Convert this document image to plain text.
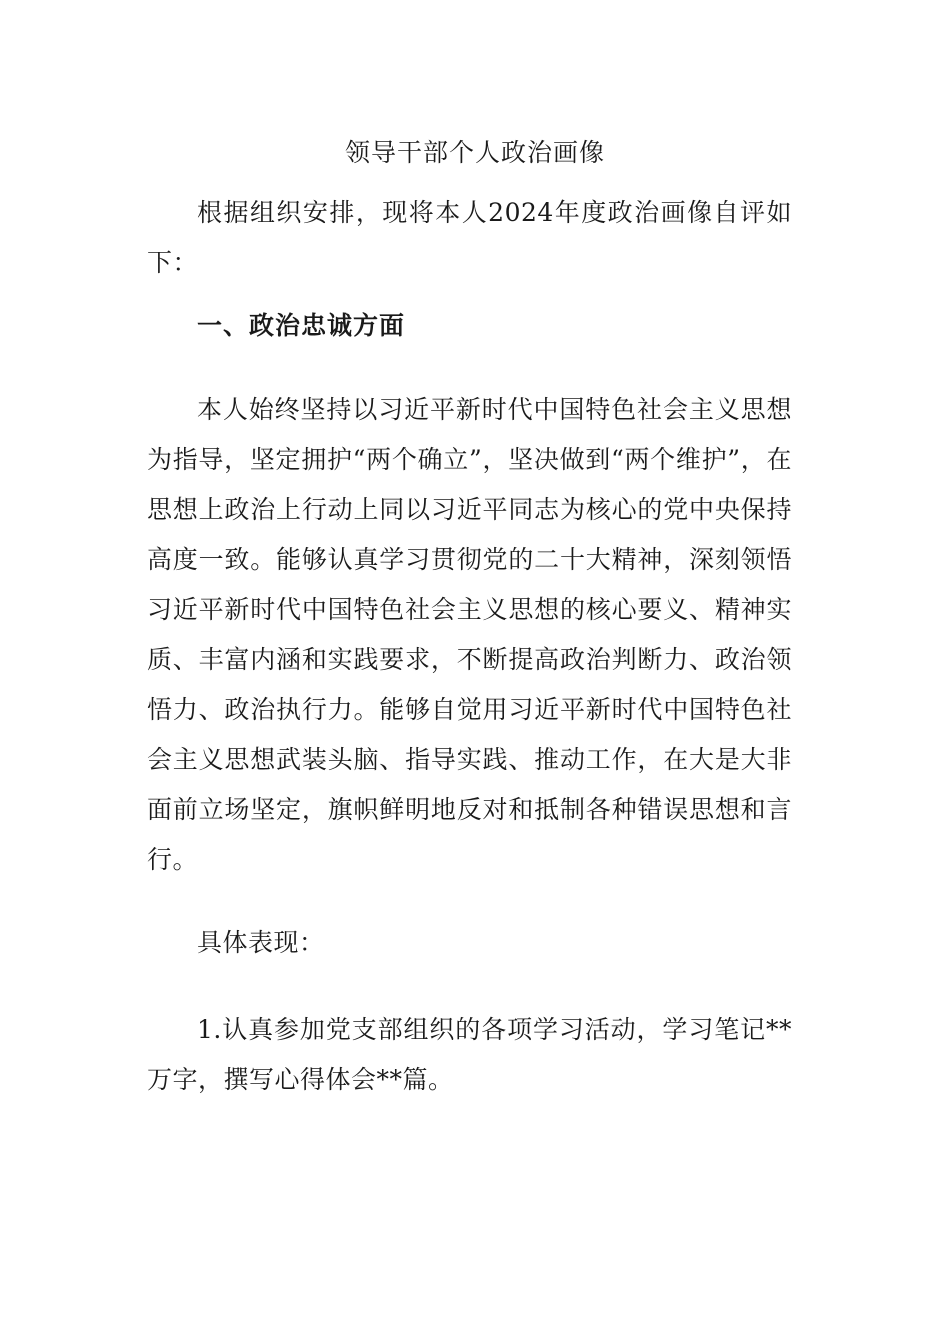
领导干部个人政治画像
根据组织安排，现将本人2024年度政治画像自评如下：
一、政治忠诚方面
本人始终坚持以习近平新时代中国特色社会主义思想为指导，坚定拥护“两个确立”，坚决做到“两个维护”，在思想上政治上行动上同以习近平同志为核心的党中央保持高度一致。能够认真学习贯彻党的二十大精神，深刻领悟习近平新时代中国特色社会主义思想的核心要义、精神实质、丰富内涵和实践要求，不断提高政治判断力、政治领悟力、政治执行力。能够自觉用习近平新时代中国特色社会主义思想武装头脑、指导实践、推动工作，在大是大非面前立场坚定，旗帜鲜明地反对和抵制各种错误思想和言行。
具体表现：
1.认真参加党支部组织的各项学习活动，学习笔记**万字，撰写心得体会**篇。
